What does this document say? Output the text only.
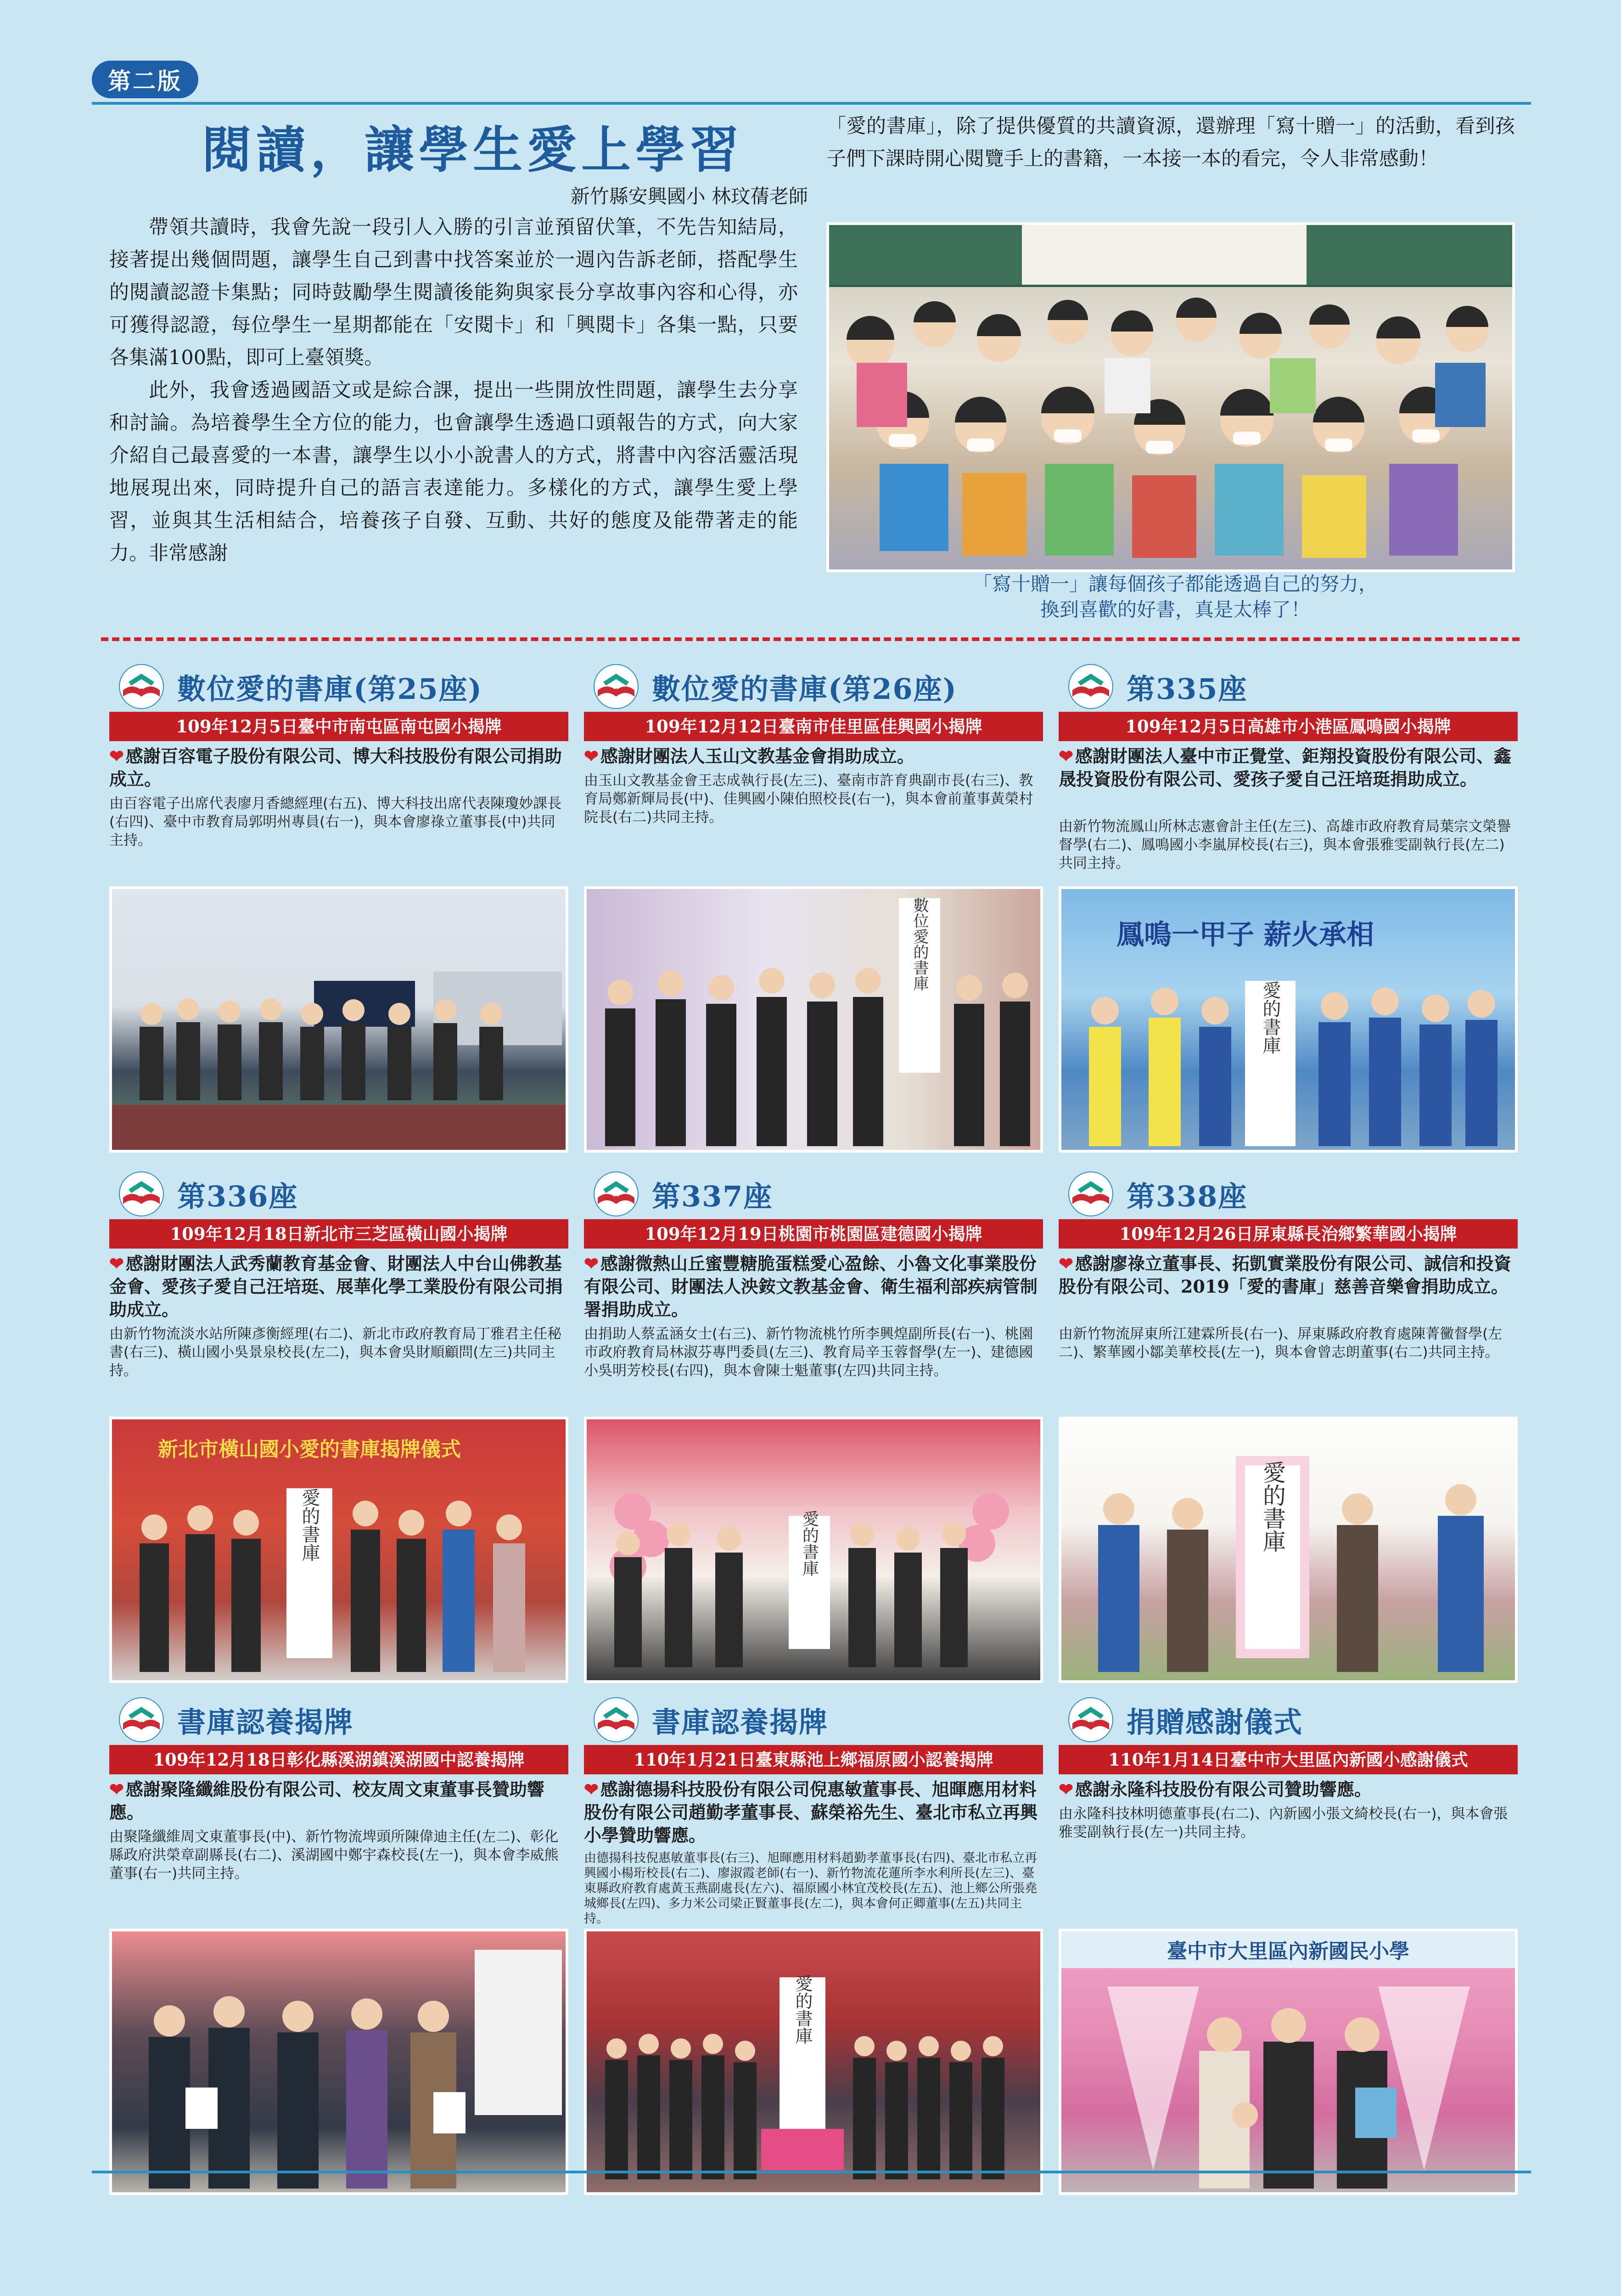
第二版
閱讀，讓學生愛上學習
新竹縣安興國小 林玟蒨老師

帶領共讀時，我會先說一段引人入勝的引言並預留伏筆，不先告知結局，接著提出幾個問題，讓學生自己到書中找答案並於一週內告訴老師，搭配學生的閱讀認證卡集點；同時鼓勵學生閱讀後能夠與家長分享故事內容和心得，亦可獲得認證，每位學生一星期都能在「安閱卡」和「興閱卡」各集一點，只要各集滿100點，即可上臺領獎。

此外，我會透過國語文或是綜合課，提出一些開放性問題，讓學生去分享和討論。為培養學生全方位的能力，也會讓學生透過口頭報告的方式，向大家介紹自己最喜愛的一本書，讓學生以小小說書人的方式，將書中內容活靈活現地展現出來，同時提升自己的語言表達能力。多樣化的方式，讓學生愛上學習，並與其生活相結合，培養孩子自發、互動、共好的態度及能帶著走的能力。非常感謝

「愛的書庫」，除了提供優質的共讀資源，還辦理「寫十贈一」的活動，看到孩子們下課時開心閱覽手上的書籍，一本接一本的看完，令人非常感動！
「寫十贈一」讓每個孩子都能透過自己的努力，
換到喜歡的好書，真是太棒了！
數位愛的書庫(第25座)
109年12月5日臺中市南屯區南屯國小揭牌
❤ 感謝百容電子股份有限公司、博大科技股份有限公司捐助成立。
由百容電子出席代表廖月香總經理(右五)、博大科技出席代表陳瓊妙課長(右四)、臺中市教育局郭明州專員(右一)，與本會廖祿立董事長(中)共同主持。
數位愛的書庫(第26座)
109年12月12日臺南市佳里區佳興國小揭牌
❤ 感謝財團法人玉山文教基金會捐助成立。
由玉山文教基金會王志成執行長(左三)、臺南市許育典副市長(右三)、教育局鄭新輝局長(中)、佳興國小陳伯照校長(右一)，與本會前董事黃榮村院長(右二)共同主持。
數位愛的書庫
第335座
109年12月5日高雄市小港區鳳鳴國小揭牌
❤ 感謝財團法人臺中市正覺堂、鉅翔投資股份有限公司、鑫晟投資股份有限公司、愛孩子愛自己汪培珽捐助成立。
由新竹物流鳳山所林志憲會計主任(左三)、高雄市政府教育局葉宗文榮譽督學(右二)、鳳鳴國小李嵐屏校長(右三)，與本會張雅雯副執行長(左二)共同主持。
鳳鳴一甲子 薪火承相
愛的書庫
第336座
109年12月18日新北市三芝區橫山國小揭牌
❤ 感謝財團法人武秀蘭教育基金會、財團法人中台山佛教基金會、愛孩子愛自己汪培珽、展華化學工業股份有限公司捐助成立。
由新竹物流淡水站所陳彥衡經理(右二)、新北市政府教育局丁雅君主任秘書(右三)、橫山國小吳景泉校長(左二)，與本會吳財順顧問(左三)共同主持。
新北市橫山國小愛的書庫揭牌儀式
愛的書庫
第337座
109年12月19日桃園市桃園區建德國小揭牌
❤ 感謝微熱山丘蜜豐糖脆蛋糕愛心盈餘、小魯文化事業股份有限公司、財團法人泱銨文教基金會、衛生福利部疾病管制署捐助成立。
由捐助人蔡孟涵女士(右三)、新竹物流桃竹所李興煌副所長(右一)、桃園市政府教育局林淑芬專門委員(左三)、教育局辛玉蓉督學(左一)、建德國小吳明芳校長(右四)，與本會陳士魁董事(左四)共同主持。
愛的書庫
第338座
109年12月26日屏東縣長治鄉繁華國小揭牌
❤ 感謝廖祿立董事長、拓凱實業股份有限公司、誠信和投資股份有限公司、2019「愛的書庫」慈善音樂會捐助成立。
由新竹物流屏東所江建霖所長(右一)、屏東縣政府教育處陳菁黴督學(左二)、繁華國小鄒美華校長(左一)，與本會曾志朗董事(右二)共同主持。
愛的書庫
書庫認養揭牌
109年12月18日彰化縣溪湖鎮溪湖國中認養揭牌
❤ 感謝聚隆纖維股份有限公司、校友周文東董事長贊助響應。
由聚隆纖維周文東董事長(中)、新竹物流埤頭所陳偉迪主任(左二)、彰化縣政府洪榮章副縣長(右二)、溪湖國中鄭宇森校長(左一)，與本會李威熊董事(右一)共同主持。
書庫認養揭牌
110年1月21日臺東縣池上鄉福原國小認養揭牌
❤ 感謝德揚科技股份有限公司倪惠敏董事長、旭暉應用材料股份有限公司趙勤孝董事長、蘇榮裕先生、臺北市私立再興小學贊助響應。
由德揚科技倪惠敏董事長(右三)、旭暉應用材料趙勤孝董事長(右四)、臺北市私立再興國小楊珩校長(右二)、廖淑霞老師(右一)、新竹物流花蓮所李水利所長(左三)、臺東縣政府教育處黃玉燕副處長(左六)、福原國小林宜茂校長(左五)、池上鄉公所張堯城鄉長(左四)、多力米公司梁正賢董事長(左二)，與本會何正卿董事(左五)共同主持。
愛的書庫
捐贈感謝儀式
110年1月14日臺中市大里區內新國小感謝儀式
❤ 感謝永隆科技股份有限公司贊助響應。
由永隆科技林明德董事長(右二)、內新國小張文綺校長(右一)，與本會張雅雯副執行長(左一)共同主持。
臺中市大里區內新國民小學
